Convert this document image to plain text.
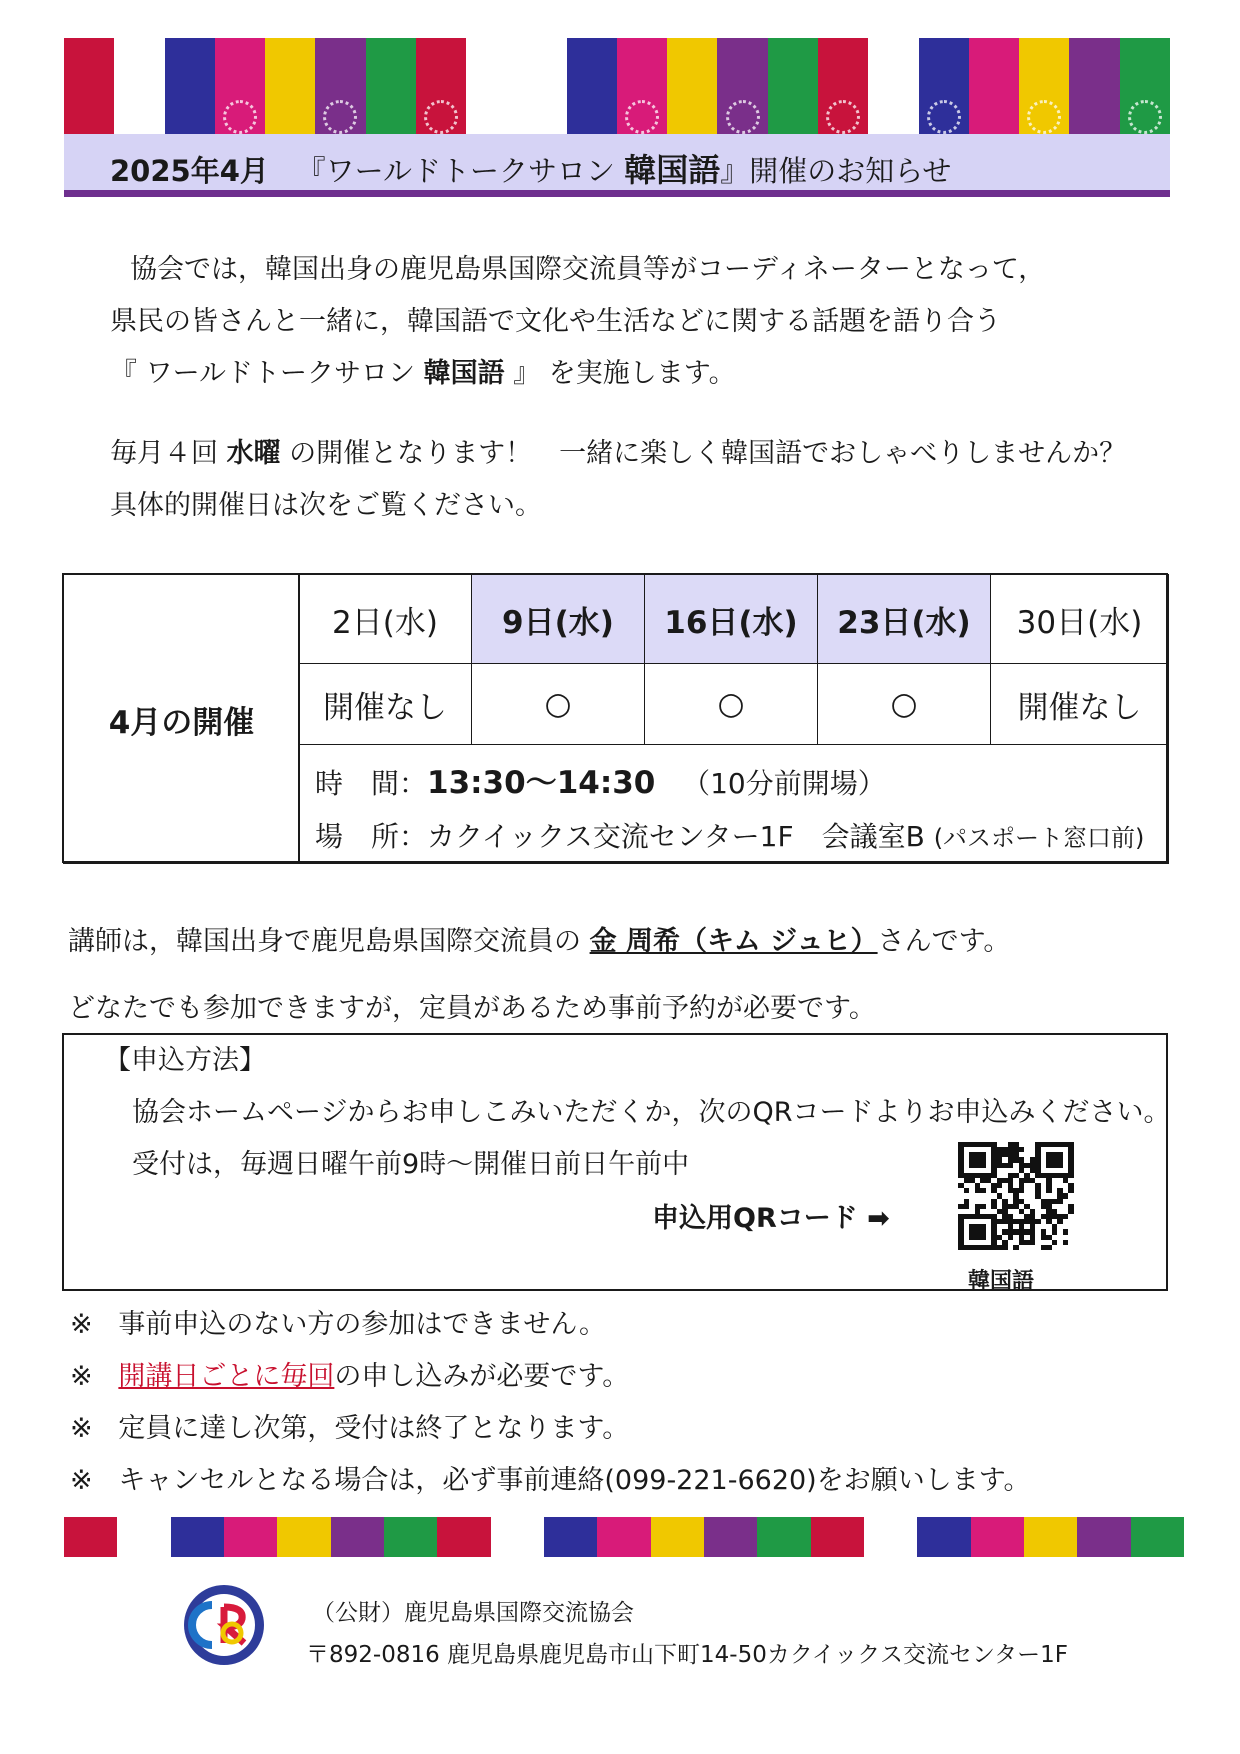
2025年4月 『ワールドトークサロン 韓国語』開催のお知らせ
協会では，韓国出身の鹿児島県国際交流員等がコーディネーターとなって，
県民の皆さんと一緒に，韓国語で文化や生活などに関する話題を語り合う
『 ワールドトークサロン 韓国語 』 を実施します。
毎月４回 水曜 の開催となります！　一緒に楽しく韓国語でおしゃべりしませんか？
具体的開催日は次をご覧ください。
4月の開催
2日(水)	9日(水)	16日(水)	23日(水)	30日(水)
開催なし	○	○	○	開催なし
時　間：13:30～14:30 （10分前開場）
場　所：カクイックス交流センター1F　会議室B (パスポート窓口前)
講師は，韓国出身で鹿児島県国際交流員の 金 周希（キム ジュヒ）さんです。
どなたでも参加できますが，定員があるため事前予約が必要です。
【申込方法】
協会ホームページからお申しこみいただくか，次のQRコードよりお申込みください。
受付は，毎週日曜午前9時～開催日前日午前中
申込用QRコード ➡
韓国語
※ 事前申込のない方の参加はできません。
※ 開講日ごとに毎回の申し込みが必要です。
※ 定員に達し次第，受付は終了となります。
※ キャンセルとなる場合は，必ず事前連絡(099-221-6620)をお願いします。
（公財）鹿児島県国際交流協会
〒892-0816 鹿児島県鹿児島市山下町14-50カクイックス交流センター1F
